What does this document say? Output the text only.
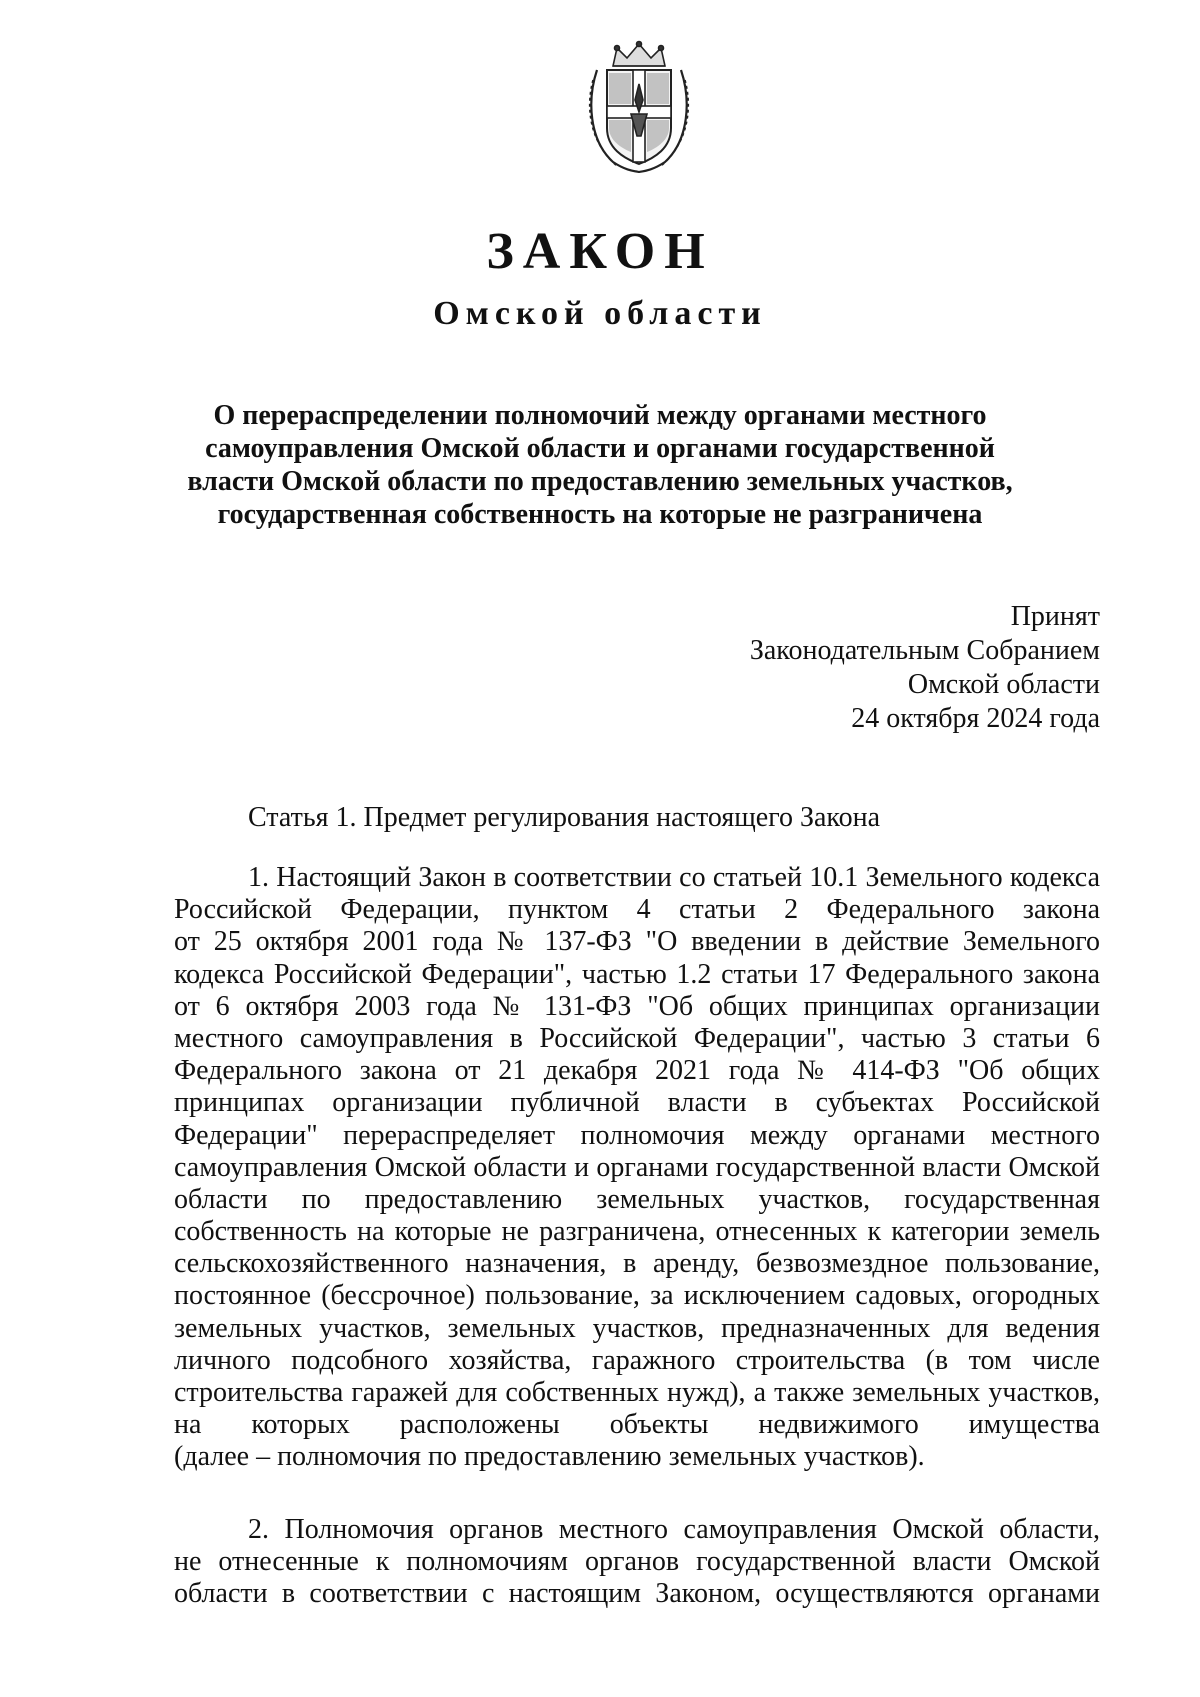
ЗАКОН
Омской области
О перераспределении полномочий между органами местного
самоуправления Омской области и органами государственной
власти Омской области по предоставлению земельных участков,
государственная собственность на которые не разграничена
Принят
Законодательным Собранием
Омской области
24 октября 2024 года
Статья 1. Предмет регулирования настоящего Закона
1. Настоящий Закон в соответствии со статьей 10.1 Земельного кодекса
Российской Федерации, пунктом 4 статьи 2 Федерального закона
от 25 октября 2001 года № 137-ФЗ "О введении в действие Земельного
кодекса Российской Федерации", частью 1.2 статьи 17 Федерального закона
от 6 октября 2003 года № 131-ФЗ "Об общих принципах организации
местного самоуправления в Российской Федерации", частью 3 статьи 6
Федерального закона от 21 декабря 2021 года № 414-ФЗ "Об общих
принципах организации публичной власти в субъектах Российской
Федерации" перераспределяет полномочия между органами местного
самоуправления Омской области и органами государственной власти Омской
области по предоставлению земельных участков, государственная
собственность на которые не разграничена, отнесенных к категории земель
сельскохозяйственного назначения, в аренду, безвозмездное пользование,
постоянное (бессрочное) пользование, за исключением садовых, огородных
земельных участков, земельных участков, предназначенных для ведения
личного подсобного хозяйства, гаражного строительства (в том числе
строительства гаражей для собственных нужд), а также земельных участков,
на которых расположены объекты недвижимого имущества
(далее – полномочия по предоставлению земельных участков).
2. Полномочия органов местного самоуправления Омской области,
не отнесенные к полномочиям органов государственной власти Омской
области в соответствии с настоящим Законом, осуществляются органами
